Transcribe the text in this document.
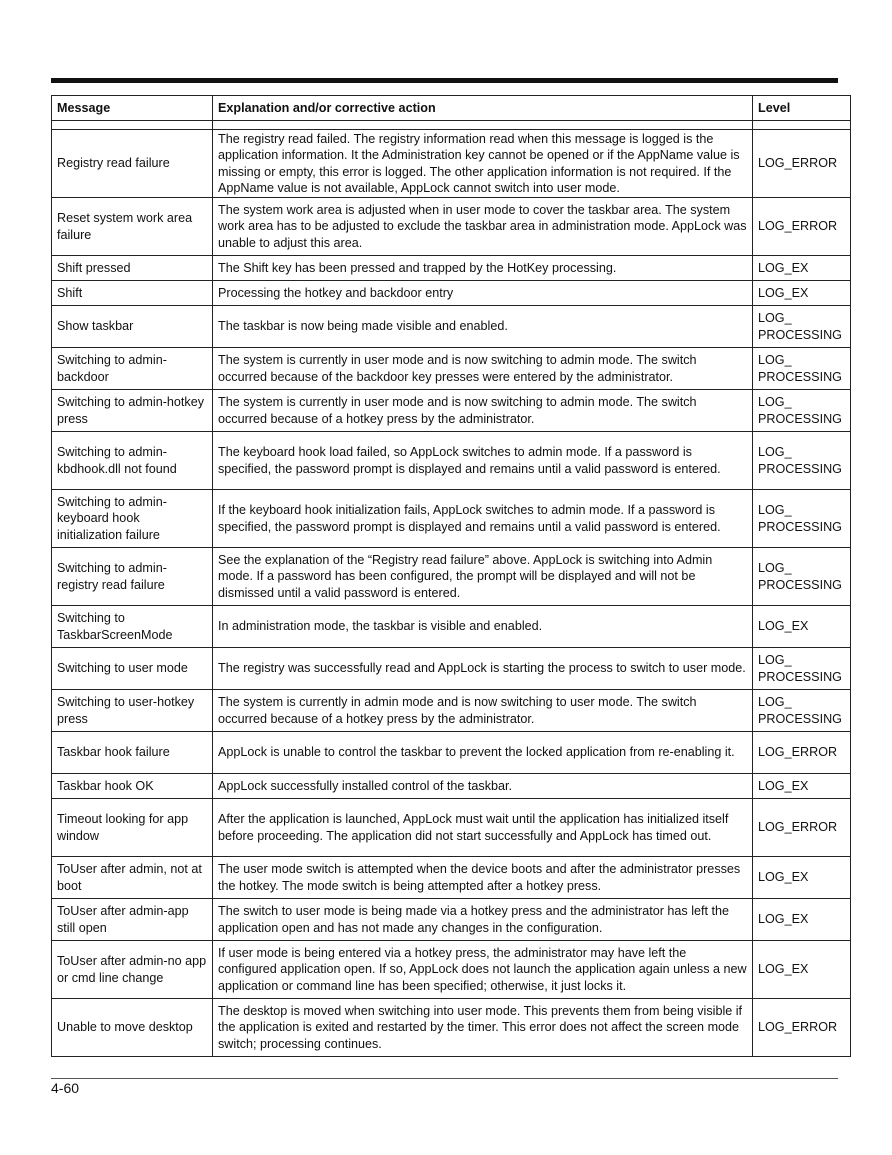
Message	Explanation and/or corrective action	Level

Registry read failure	The registry read failed. The registry information read when this message is logged is the application information. It the Administration key cannot be opened or if the AppName value is missing or empty, this error is logged. The other application information is not required. If the AppName value is not available, AppLock cannot switch into user mode.	LOG_ERROR
Reset system work area failure	The system work area is adjusted when in user mode to cover the taskbar area. The system work area has to be adjusted to exclude the taskbar area in administration mode. AppLock was unable to adjust this area.	LOG_ERROR
Shift pressed	The Shift key has been pressed and trapped by the HotKey processing.	LOG_EX
Shift	Processing the hotkey and backdoor entry	LOG_EX
Show taskbar	The taskbar is now being made visible and enabled.	LOG_ PROCESSING
Switching to admin-backdoor	The system is currently in user mode and is now switching to admin mode. The switch occurred because of the backdoor key presses were entered by the administrator.	LOG_ PROCESSING
Switching to admin-hotkey press	The system is currently in user mode and is now switching to admin mode. The switch occurred because of a hotkey press by the administrator.	LOG_ PROCESSING
Switching to admin-kbdhook.dll not found	The keyboard hook load failed, so AppLock switches to admin mode. If a password is specified, the password prompt is displayed and remains until a valid password is entered.	LOG_ PROCESSING
Switching to admin-keyboard hook initialization failure	If the keyboard hook initialization fails, AppLock switches to admin mode. If a password is specified, the password prompt is displayed and remains until a valid password is entered.	LOG_ PROCESSING
Switching to admin-registry read failure	See the explanation of the “Registry read failure” above. AppLock is switching into Admin mode. If a password has been configured, the prompt will be displayed and will not be dismissed until a valid password is entered.	LOG_ PROCESSING
Switching to TaskbarScreenMode	In administration mode, the taskbar is visible and enabled.	LOG_EX
Switching to user mode	The registry was successfully read and AppLock is starting the process to switch to user mode.	LOG_ PROCESSING
Switching to user-hotkey press	The system is currently in admin mode and is now switching to user mode. The switch occurred because of a hotkey press by the administrator.	LOG_ PROCESSING
Taskbar hook failure	AppLock is unable to control the taskbar to prevent the locked application from re-enabling it.	LOG_ERROR
Taskbar hook OK	AppLock successfully installed control of the taskbar.	LOG_EX
Timeout looking for app window	After the application is launched, AppLock must wait until the application has initialized itself before proceeding. The application did not start successfully and AppLock has timed out.	LOG_ERROR
ToUser after admin, not at boot	The user mode switch is attempted when the device boots and after the administrator presses the hotkey. The mode switch is being attempted after a hotkey press.	LOG_EX
ToUser after admin-app still open	The switch to user mode is being made via a hotkey press and the administrator has left the application open and has not made any changes in the configuration.	LOG_EX
ToUser after admin-no app or cmd line change	If user mode is being entered via a hotkey press, the administrator may have left the configured application open. If so, AppLock does not launch the application again unless a new application or command line has been specified; otherwise, it just locks it.	LOG_EX
Unable to move desktop	The desktop is moved when switching into user mode. This prevents them from being visible if the application is exited and restarted by the timer. This error does not affect the screen mode switch; processing continues.	LOG_ERROR
4-60
